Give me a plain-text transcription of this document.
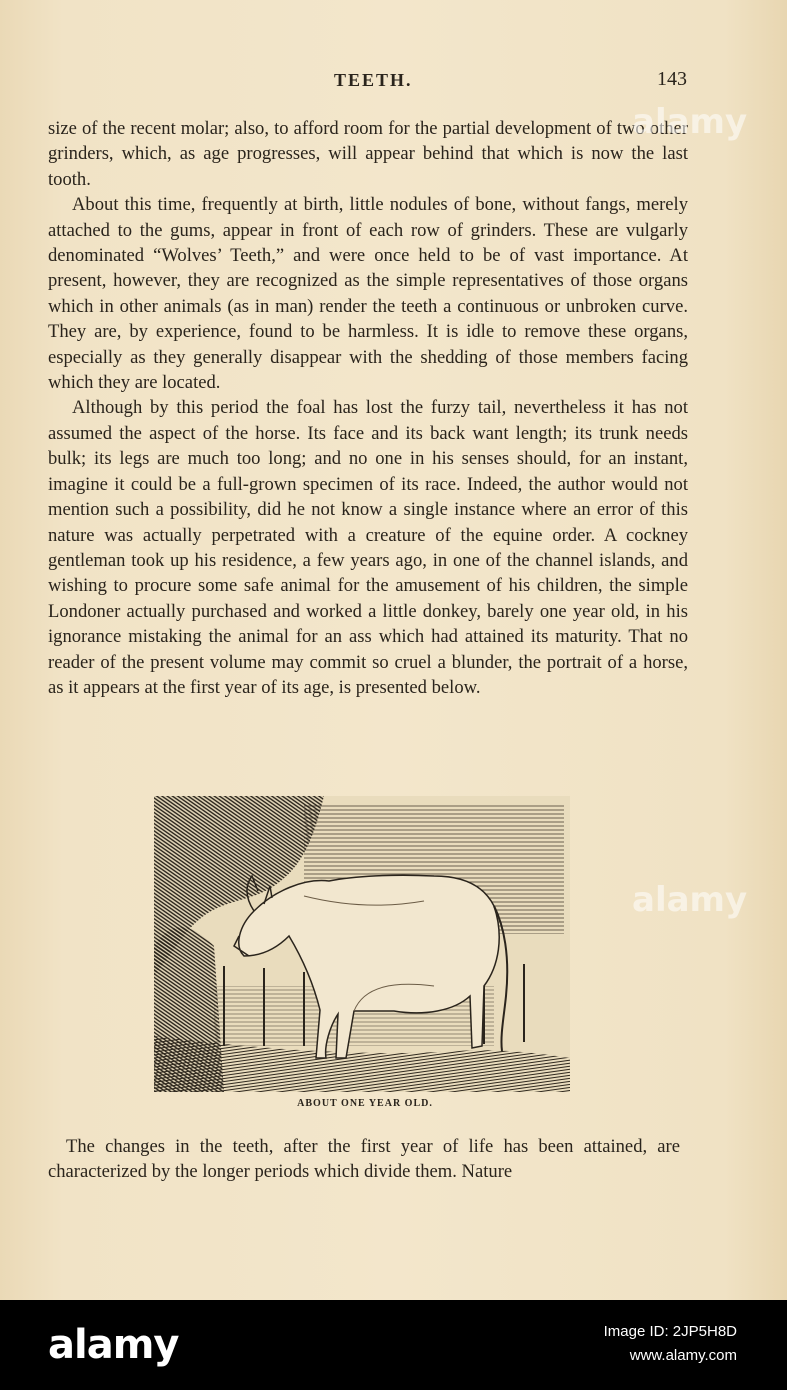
TEETH.	143

size of the recent molar; also, to afford room for the partial development of two other grinders, which, as age progresses, will appear behind that which is now the last tooth.

About this time, frequently at birth, little nodules of bone, without fangs, merely attached to the gums, appear in front of each row of grinders. These are vulgarly denominated “Wolves’ Teeth,” and were once held to be of vast importance. At present, however, they are recognized as the simple representatives of those organs which in other animals (as in man) render the teeth a continuous or unbroken curve. They are, by experience, found to be harmless. It is idle to remove these organs, especially as they generally disappear with the shedding of those members facing which they are located.

Although by this period the foal has lost the furzy tail, nevertheless it has not assumed the aspect of the horse. Its face and its back want length; its trunk needs bulk; its legs are much too long; and no one in his senses should, for an instant, imagine it could be a full-grown specimen of its race. Indeed, the author would not mention such a possibility, did he not know a single instance where an error of this nature was actually perpetrated with a creature of the equine order. A cockney gentleman took up his residence, a few years ago, in one of the channel islands, and wishing to procure some safe animal for the amusement of his children, the simple Londoner actually purchased and worked a little donkey, barely one year old, in his ignorance mistaking the animal for an ass which had attained its maturity. That no reader of the present volume may commit so cruel a blunder, the portrait of a horse, as it appears at the first year of its age, is presented below.

ABOUT ONE YEAR OLD.

The changes in the teeth, after the first year of life has been attained, are characterized by the longer periods which divide them. Nature

alamy
alamy
alamy	Image ID: 2JP5H8D
www.alamy.com
